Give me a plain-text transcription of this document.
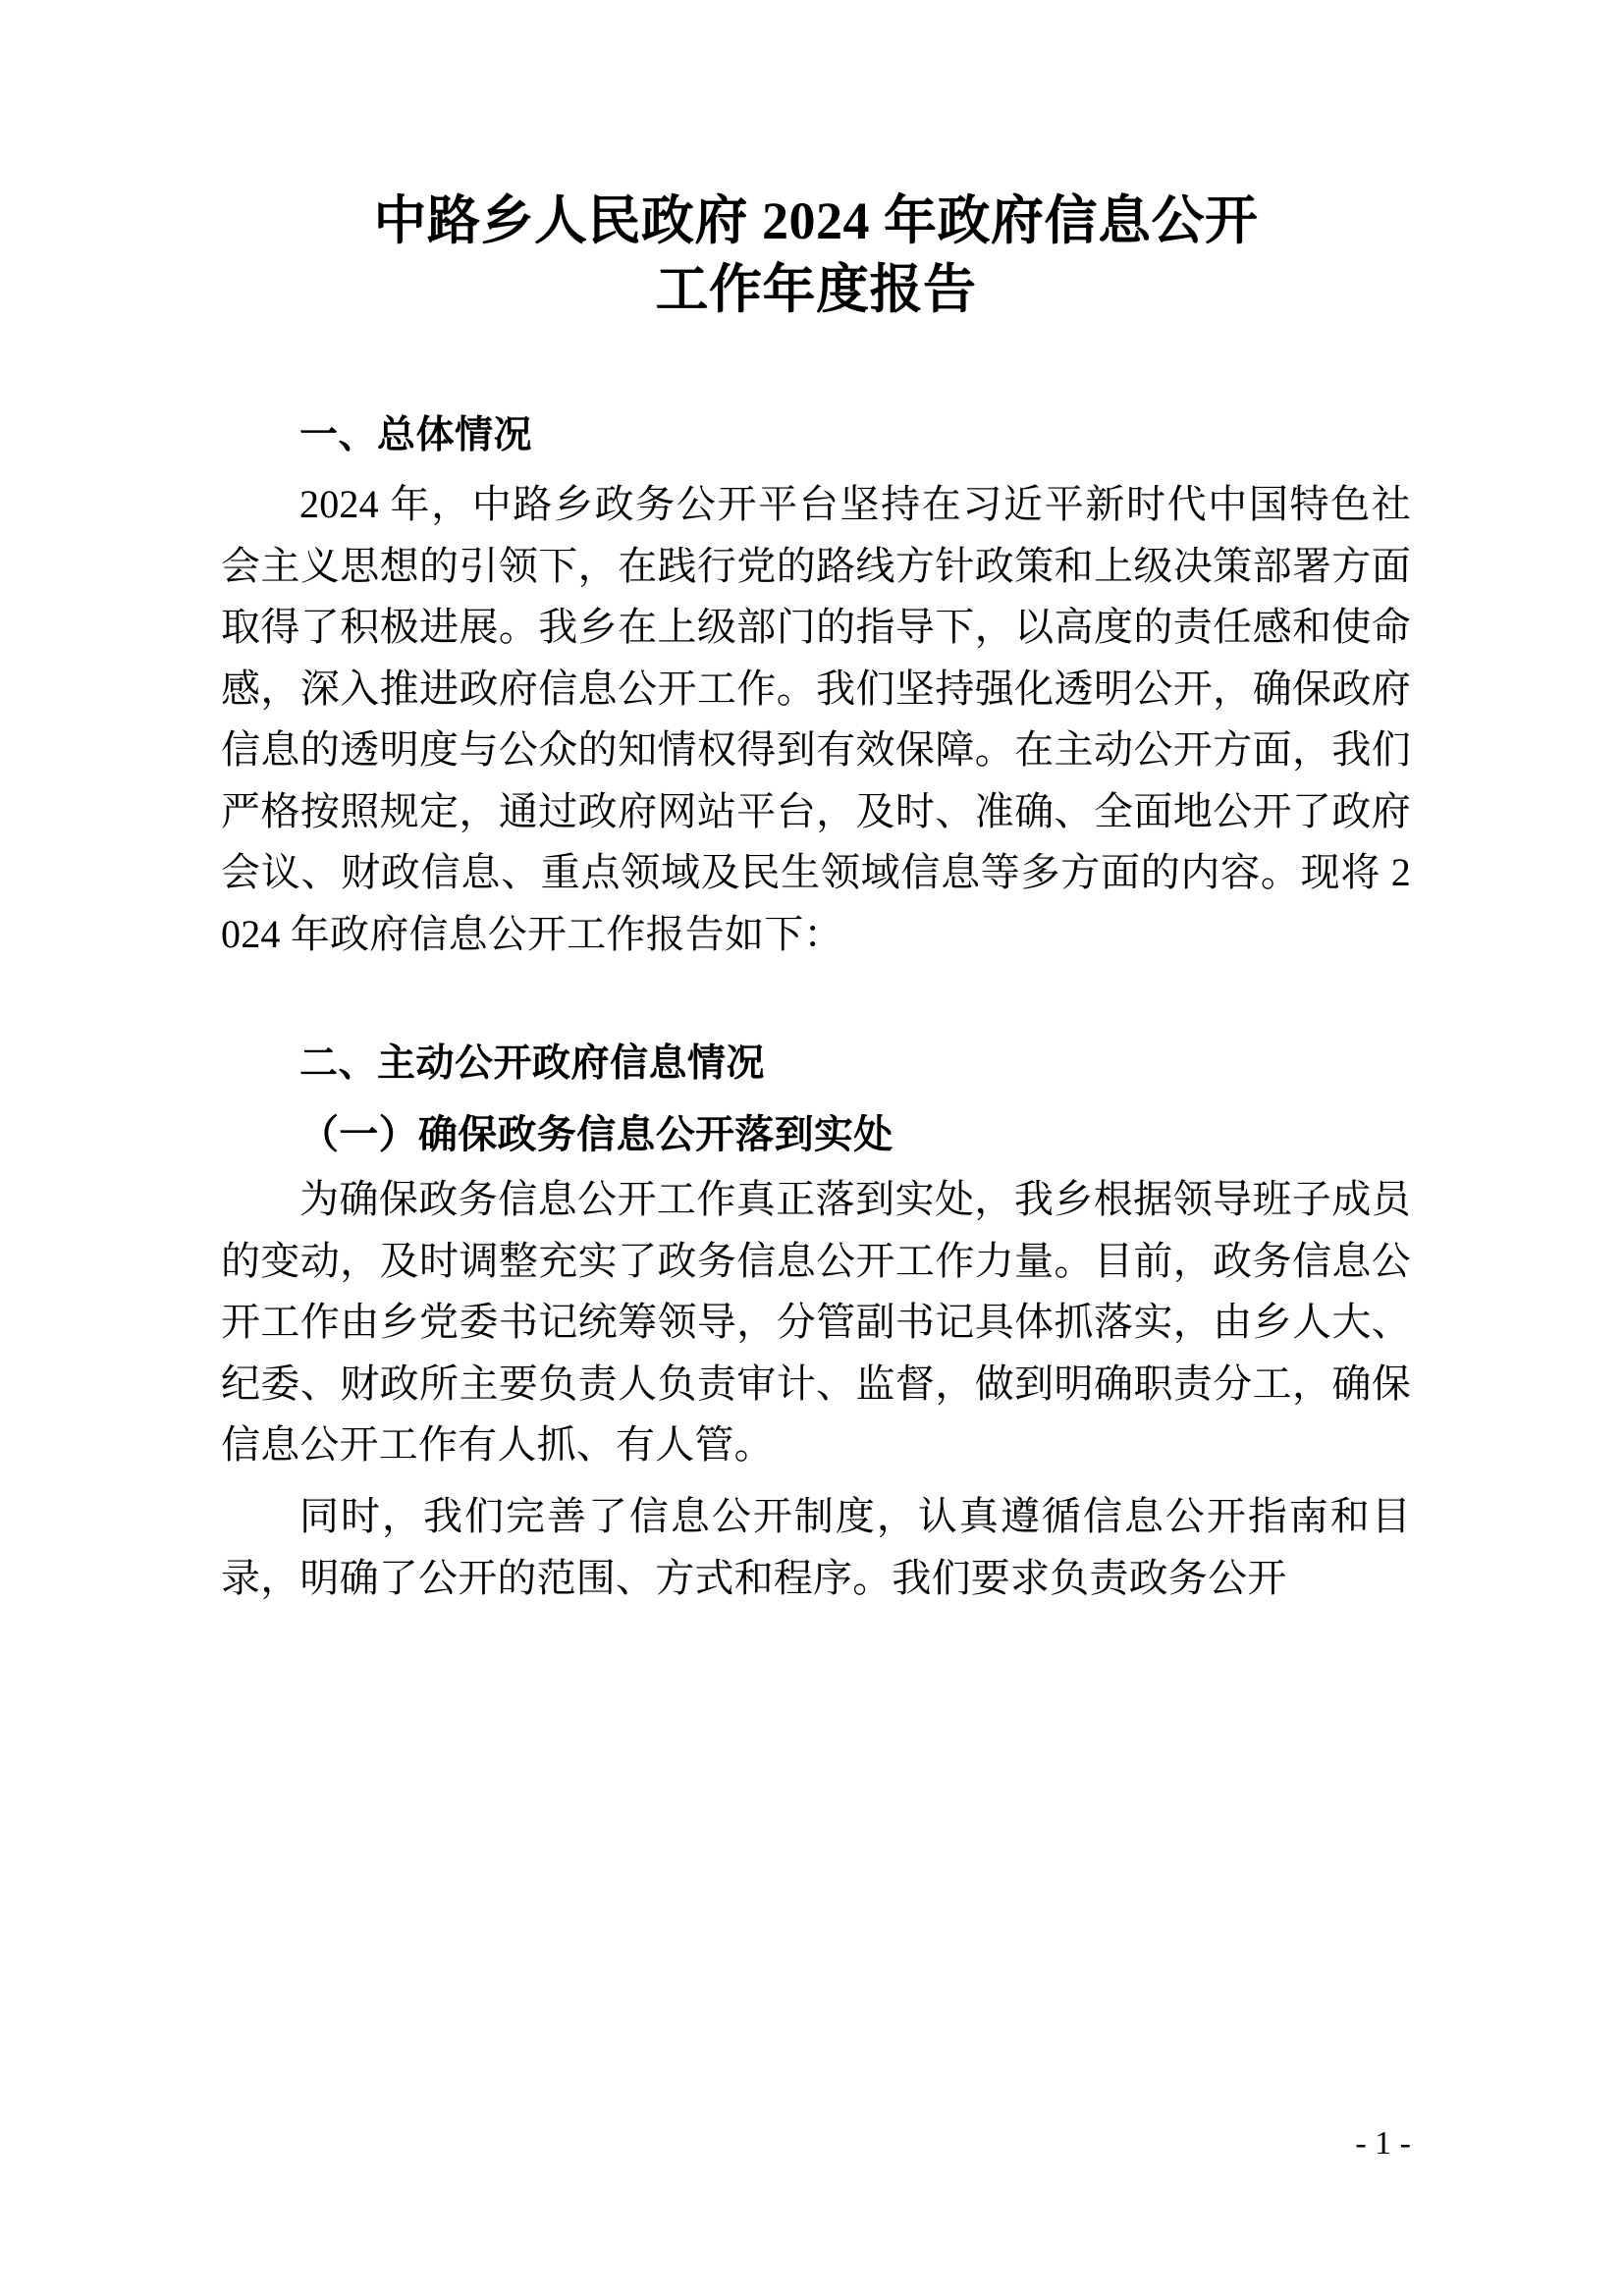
中路乡人民政府 2024 年政府信息公开
工作年度报告
一、总体情况

2024 年，中路乡政务公开平台坚持在习近平新时代中国特色社会主义思想的引领下，在践行党的路线方针政策和上级决策部署方面取得了积极进展。我乡在上级部门的指导下，以高度的责任感和使命感，深入推进政府信息公开工作。我们坚持强化透明公开，确保政府信息的透明度与公众的知情权得到有效保障。在主动公开方面，我们严格按照规定，通过政府网站平台，及时、准确、全面地公开了政府会议、财政信息、重点领域及民生领域信息等多方面的内容。现将 2024 年政府信息公开工作报告如下：

二、主动公开政府信息情况
（一）确保政务信息公开落到实处

为确保政务信息公开工作真正落到实处，我乡根据领导班子成员的变动，及时调整充实了政务信息公开工作力量。目前，政务信息公开工作由乡党委书记统筹领导，分管副书记具体抓落实，由乡人大、纪委、财政所主要负责人负责审计、监督，做到明确职责分工，确保信息公开工作有人抓、有人管。

同时，我们完善了信息公开制度，认真遵循信息公开指南和目录，明确了公开的范围、方式和程序。我们要求负责政务公开

- 1 -
